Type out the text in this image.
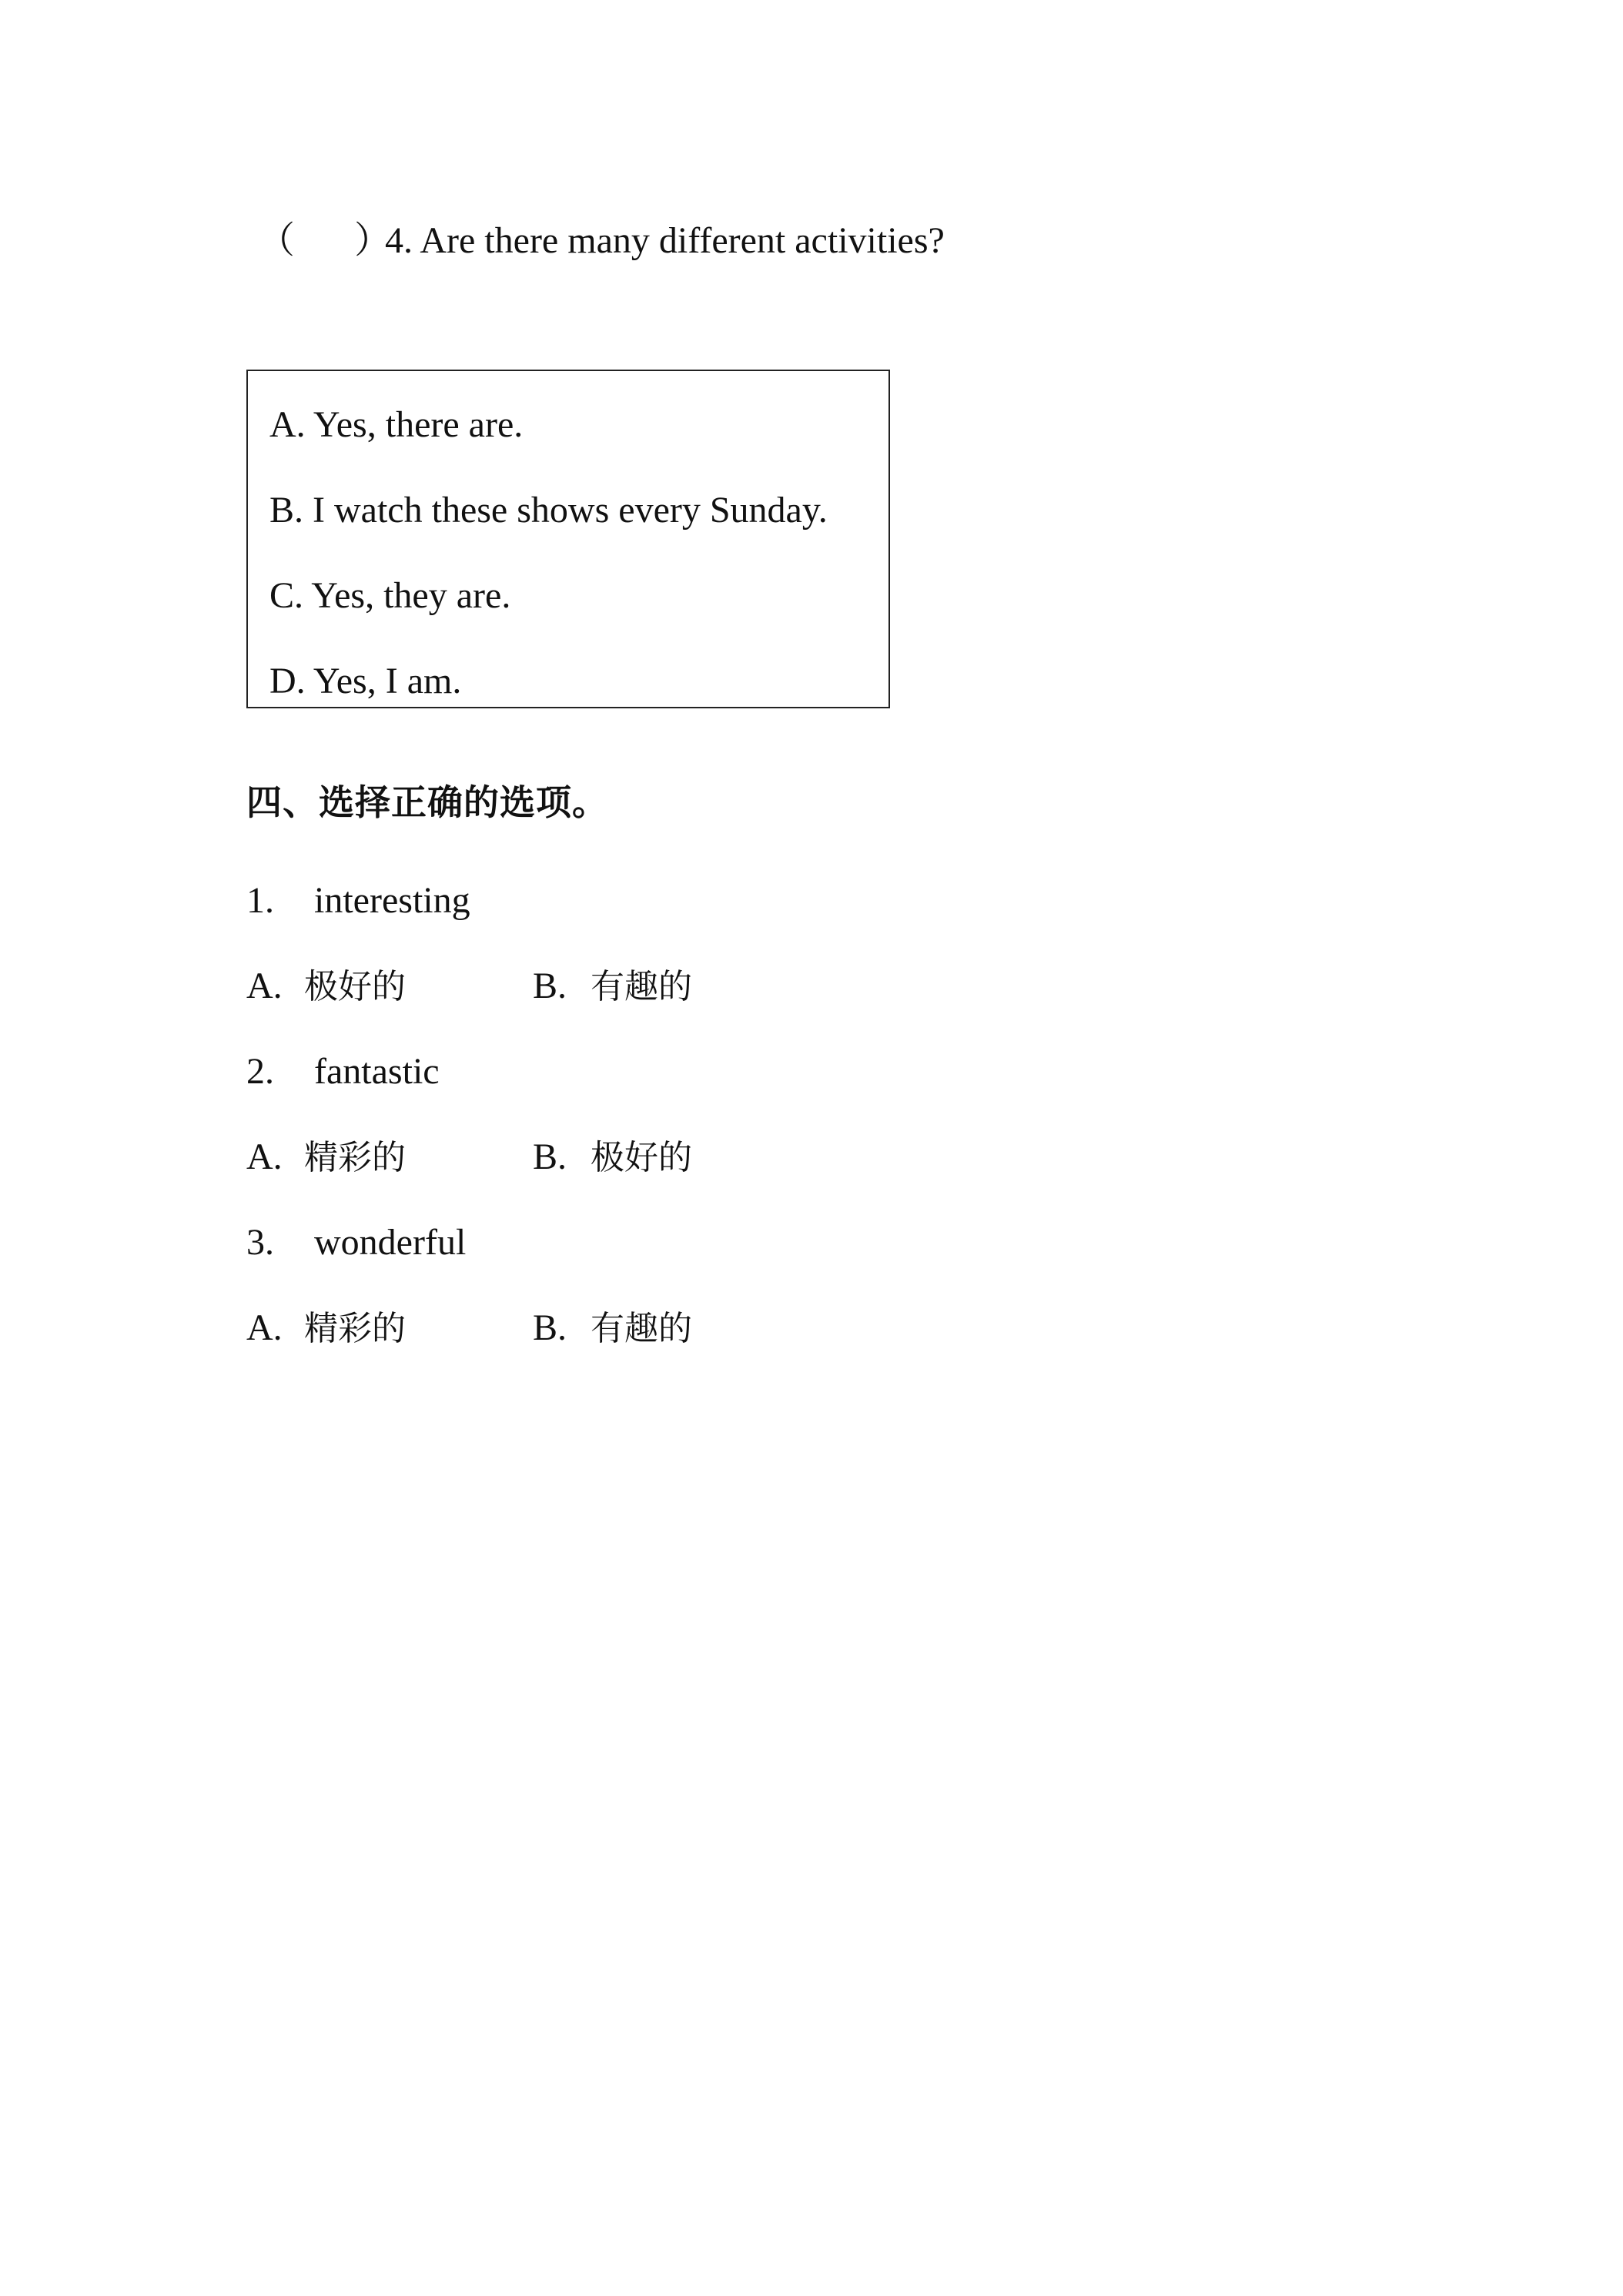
（ ）4. Are there many different activities?
A. Yes, there are.
B. I watch these shows every Sunday.
C. Yes, they are.
D. Yes, I am.
四、选择正确的选项。
1. interesting
A. 极好的	B. 有趣的
2. fantastic
A. 精彩的	B. 极好的
3. wonderful
A. 精彩的	B. 有趣的
